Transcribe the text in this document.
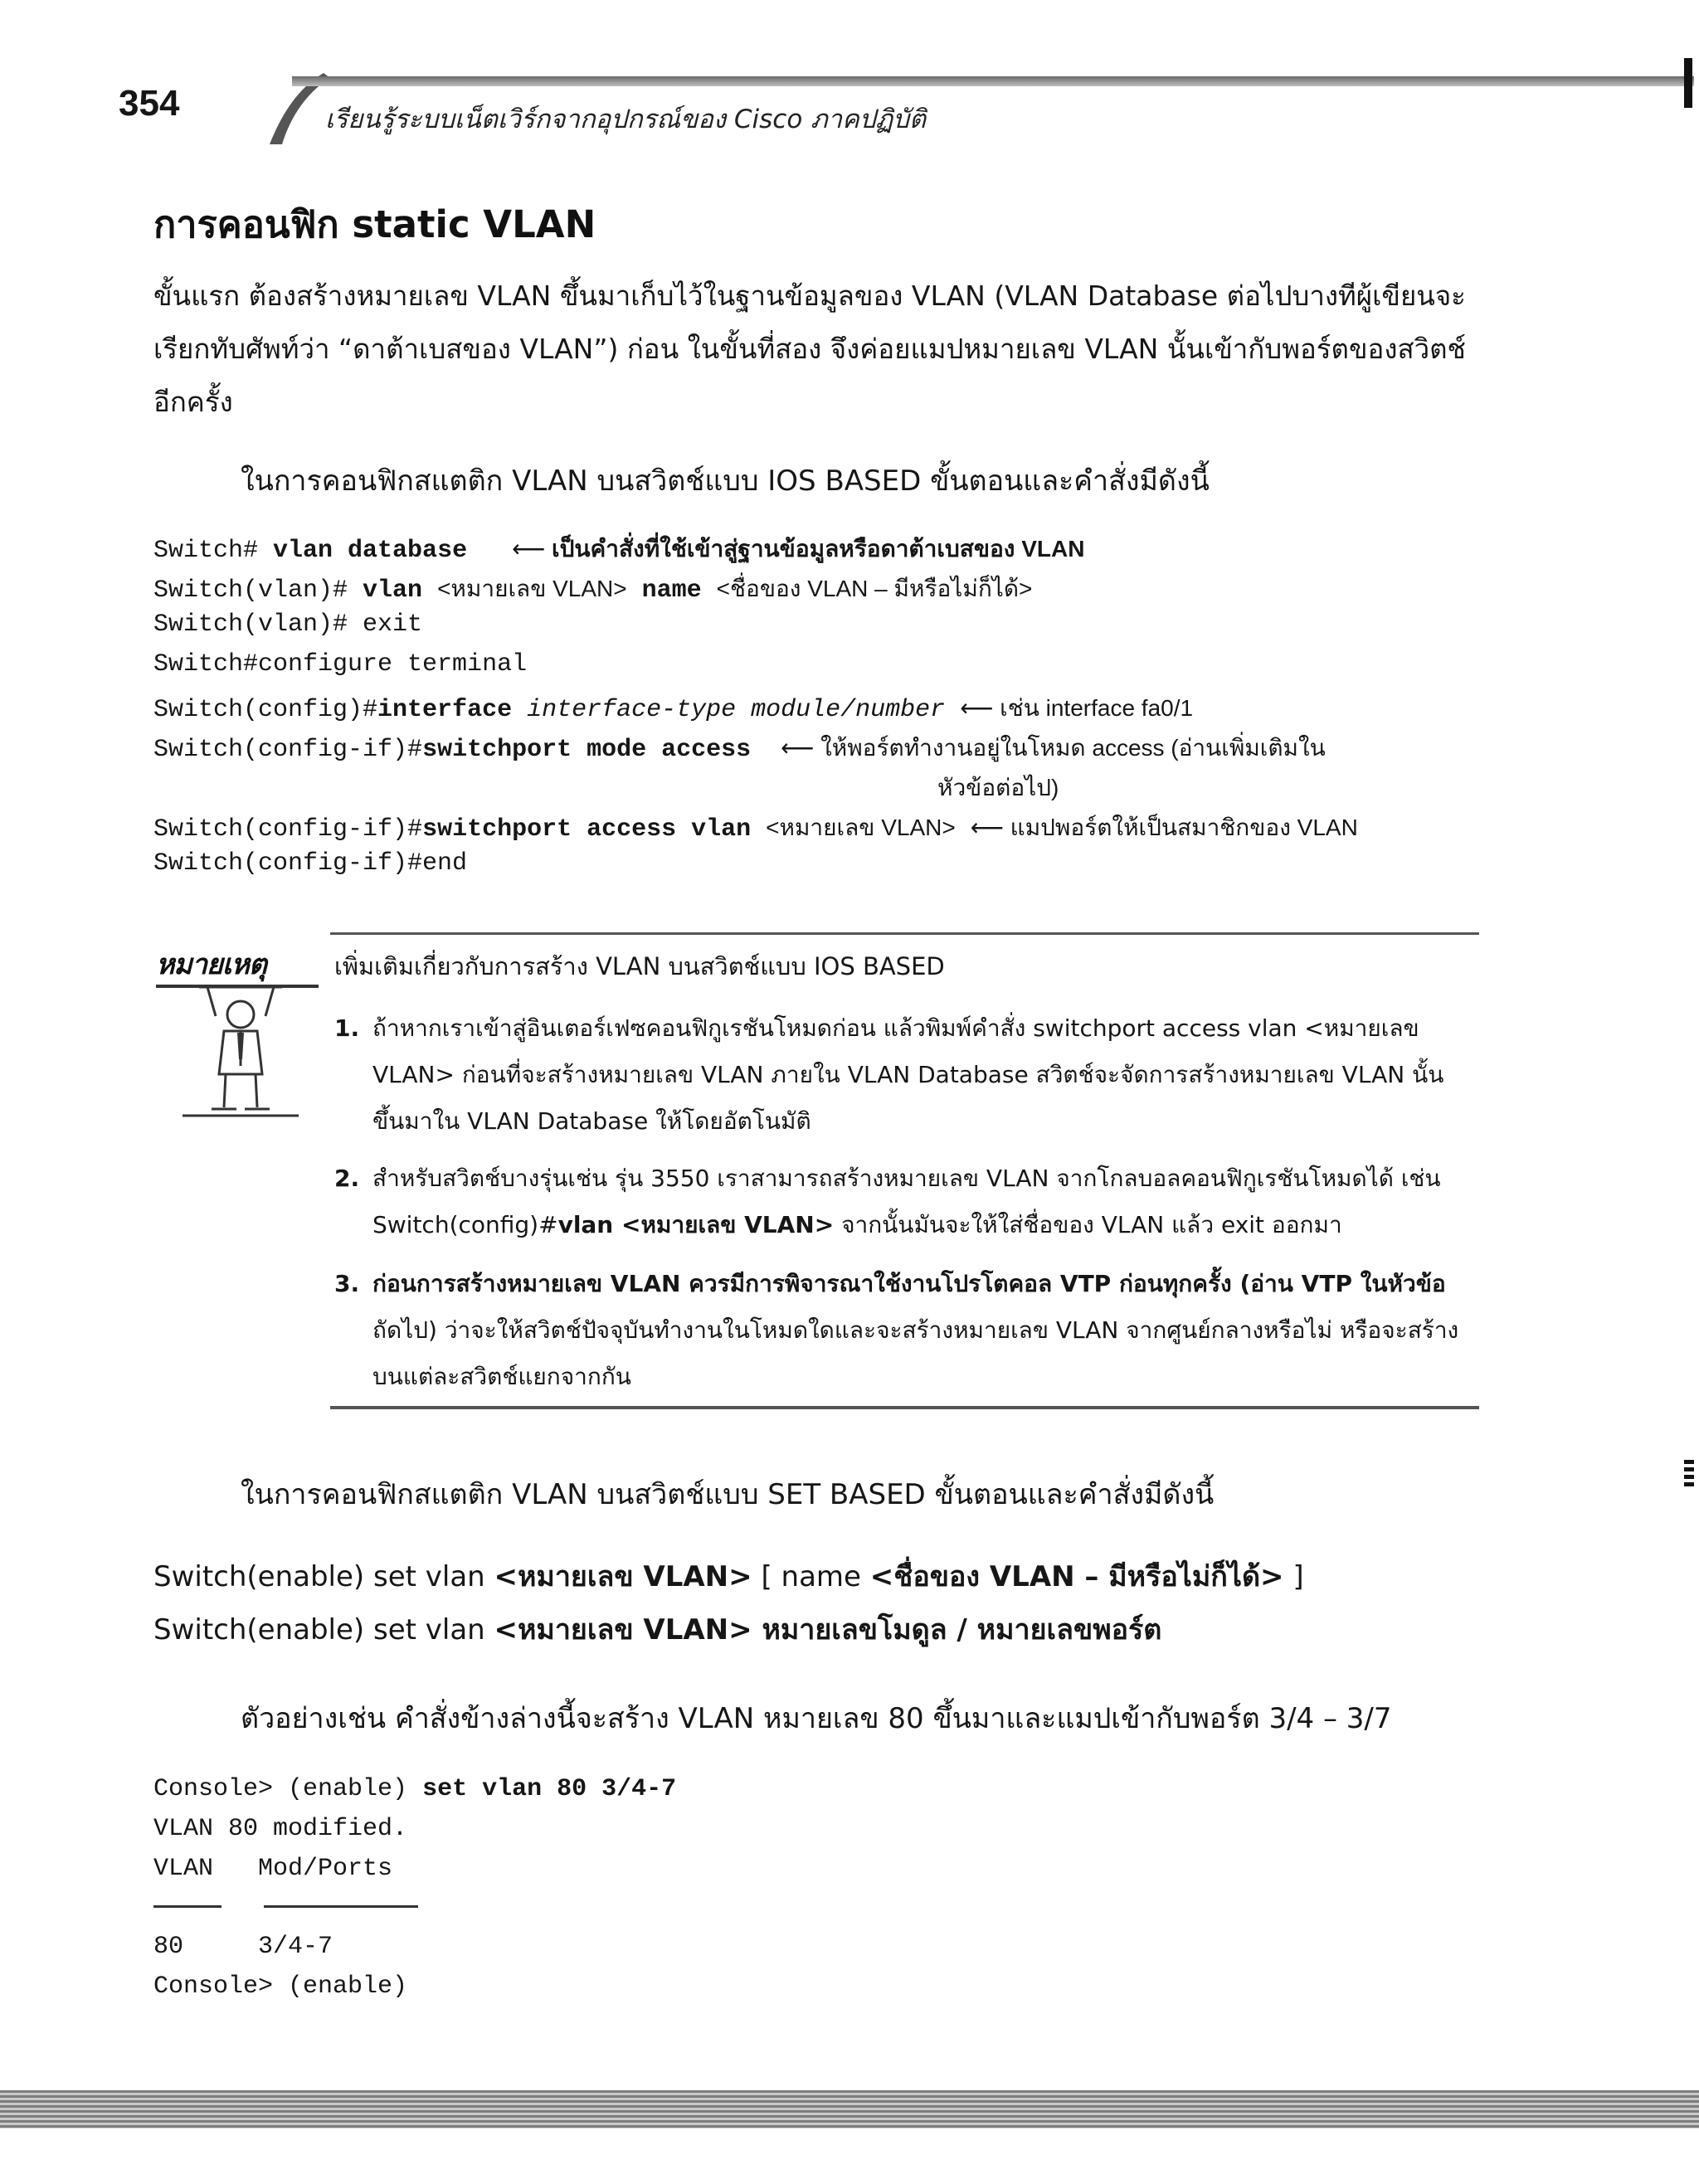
354	เรียนรู้ระบบเน็ตเวิร์กจากอุปกรณ์ของ Cisco ภาคปฏิบัติ
การคอนฟิก static VLAN
ขั้นแรก ต้องสร้างหมายเลข VLAN ขึ้นมาเก็บไว้ในฐานข้อมูลของ VLAN (VLAN Database ต่อไปบางทีผู้เขียนจะเรียกทับศัพท์ว่า “ดาต้าเบสของ VLAN”) ก่อน ในขั้นที่สอง จึงค่อยแมปหมายเลข VLAN นั้นเข้ากับพอร์ตของสวิตช์อีกครั้ง
ในการคอนฟิกสแตติก VLAN บนสวิตช์แบบ IOS BASED ขั้นตอนและคำสั่งมีดังนี้
Switch# vlan database ⟵ เป็นคำสั่งที่ใช้เข้าสู่ฐานข้อมูลหรือดาต้าเบสของ VLAN
Switch(vlan)# vlan <หมายเลข VLAN> name <ชื่อของ VLAN – มีหรือไม่ก็ได้>
Switch(vlan)# exit
Switch#configure terminal
Switch(config)#interface interface-type module/number ⟵ เช่น interface fa0/1
Switch(config-if)#switchport mode access ⟵ ให้พอร์ตทำงานอยู่ในโหมด access (อ่านเพิ่มเติมใน
หัวข้อต่อไป)
Switch(config-if)#switchport access vlan <หมายเลข VLAN> ⟵ แมปพอร์ตให้เป็นสมาชิกของ VLAN
Switch(config-if)#end
หมายเหตุ	เพิ่มเติมเกี่ยวกับการสร้าง VLAN บนสวิตช์แบบ IOS BASED
1. ถ้าหากเราเข้าสู่อินเตอร์เฟซคอนฟิกูเรชันโหมดก่อน แล้วพิมพ์คำสั่ง switchport access vlan <หมายเลข VLAN> ก่อนที่จะสร้างหมายเลข VLAN ภายใน VLAN Database สวิตช์จะจัดการสร้างหมายเลข VLAN นั้นขึ้นมาใน VLAN Database ให้โดยอัตโนมัติ
2. สำหรับสวิตช์บางรุ่นเช่น รุ่น 3550 เราสามารถสร้างหมายเลข VLAN จากโกลบอลคอนฟิกูเรชันโหมดได้ เช่น Switch(config)#vlan <หมายเลข VLAN> จากนั้นมันจะให้ใส่ชื่อของ VLAN แล้ว exit ออกมา
3. ก่อนการสร้างหมายเลข VLAN ควรมีการพิจารณาใช้งานโปรโตคอล VTP ก่อนทุกครั้ง (อ่าน VTP ในหัวข้อ ถัดไป) ว่าจะให้สวิตช์ปัจจุบันทำงานในโหมดใดและจะสร้างหมายเลข VLAN จากศูนย์กลางหรือไม่ หรือจะสร้างบนแต่ละสวิตช์แยกจากกัน
ในการคอนฟิกสแตติก VLAN บนสวิตช์แบบ SET BASED ขั้นตอนและคำสั่งมีดังนี้
Switch(enable) set vlan <หมายเลข VLAN> [ name <ชื่อของ VLAN – มีหรือไม่ก็ได้> ]
Switch(enable) set vlan <หมายเลข VLAN> หมายเลขโมดูล / หมายเลขพอร์ต
ตัวอย่างเช่น คำสั่งข้างล่างนี้จะสร้าง VLAN หมายเลข 80 ขึ้นมาและแมปเข้ากับพอร์ต 3/4 – 3/7
Console> (enable) set vlan 80 3/4-7
VLAN 80 modified.
VLAN   Mod/Ports
80     3/4-7
Console> (enable)
